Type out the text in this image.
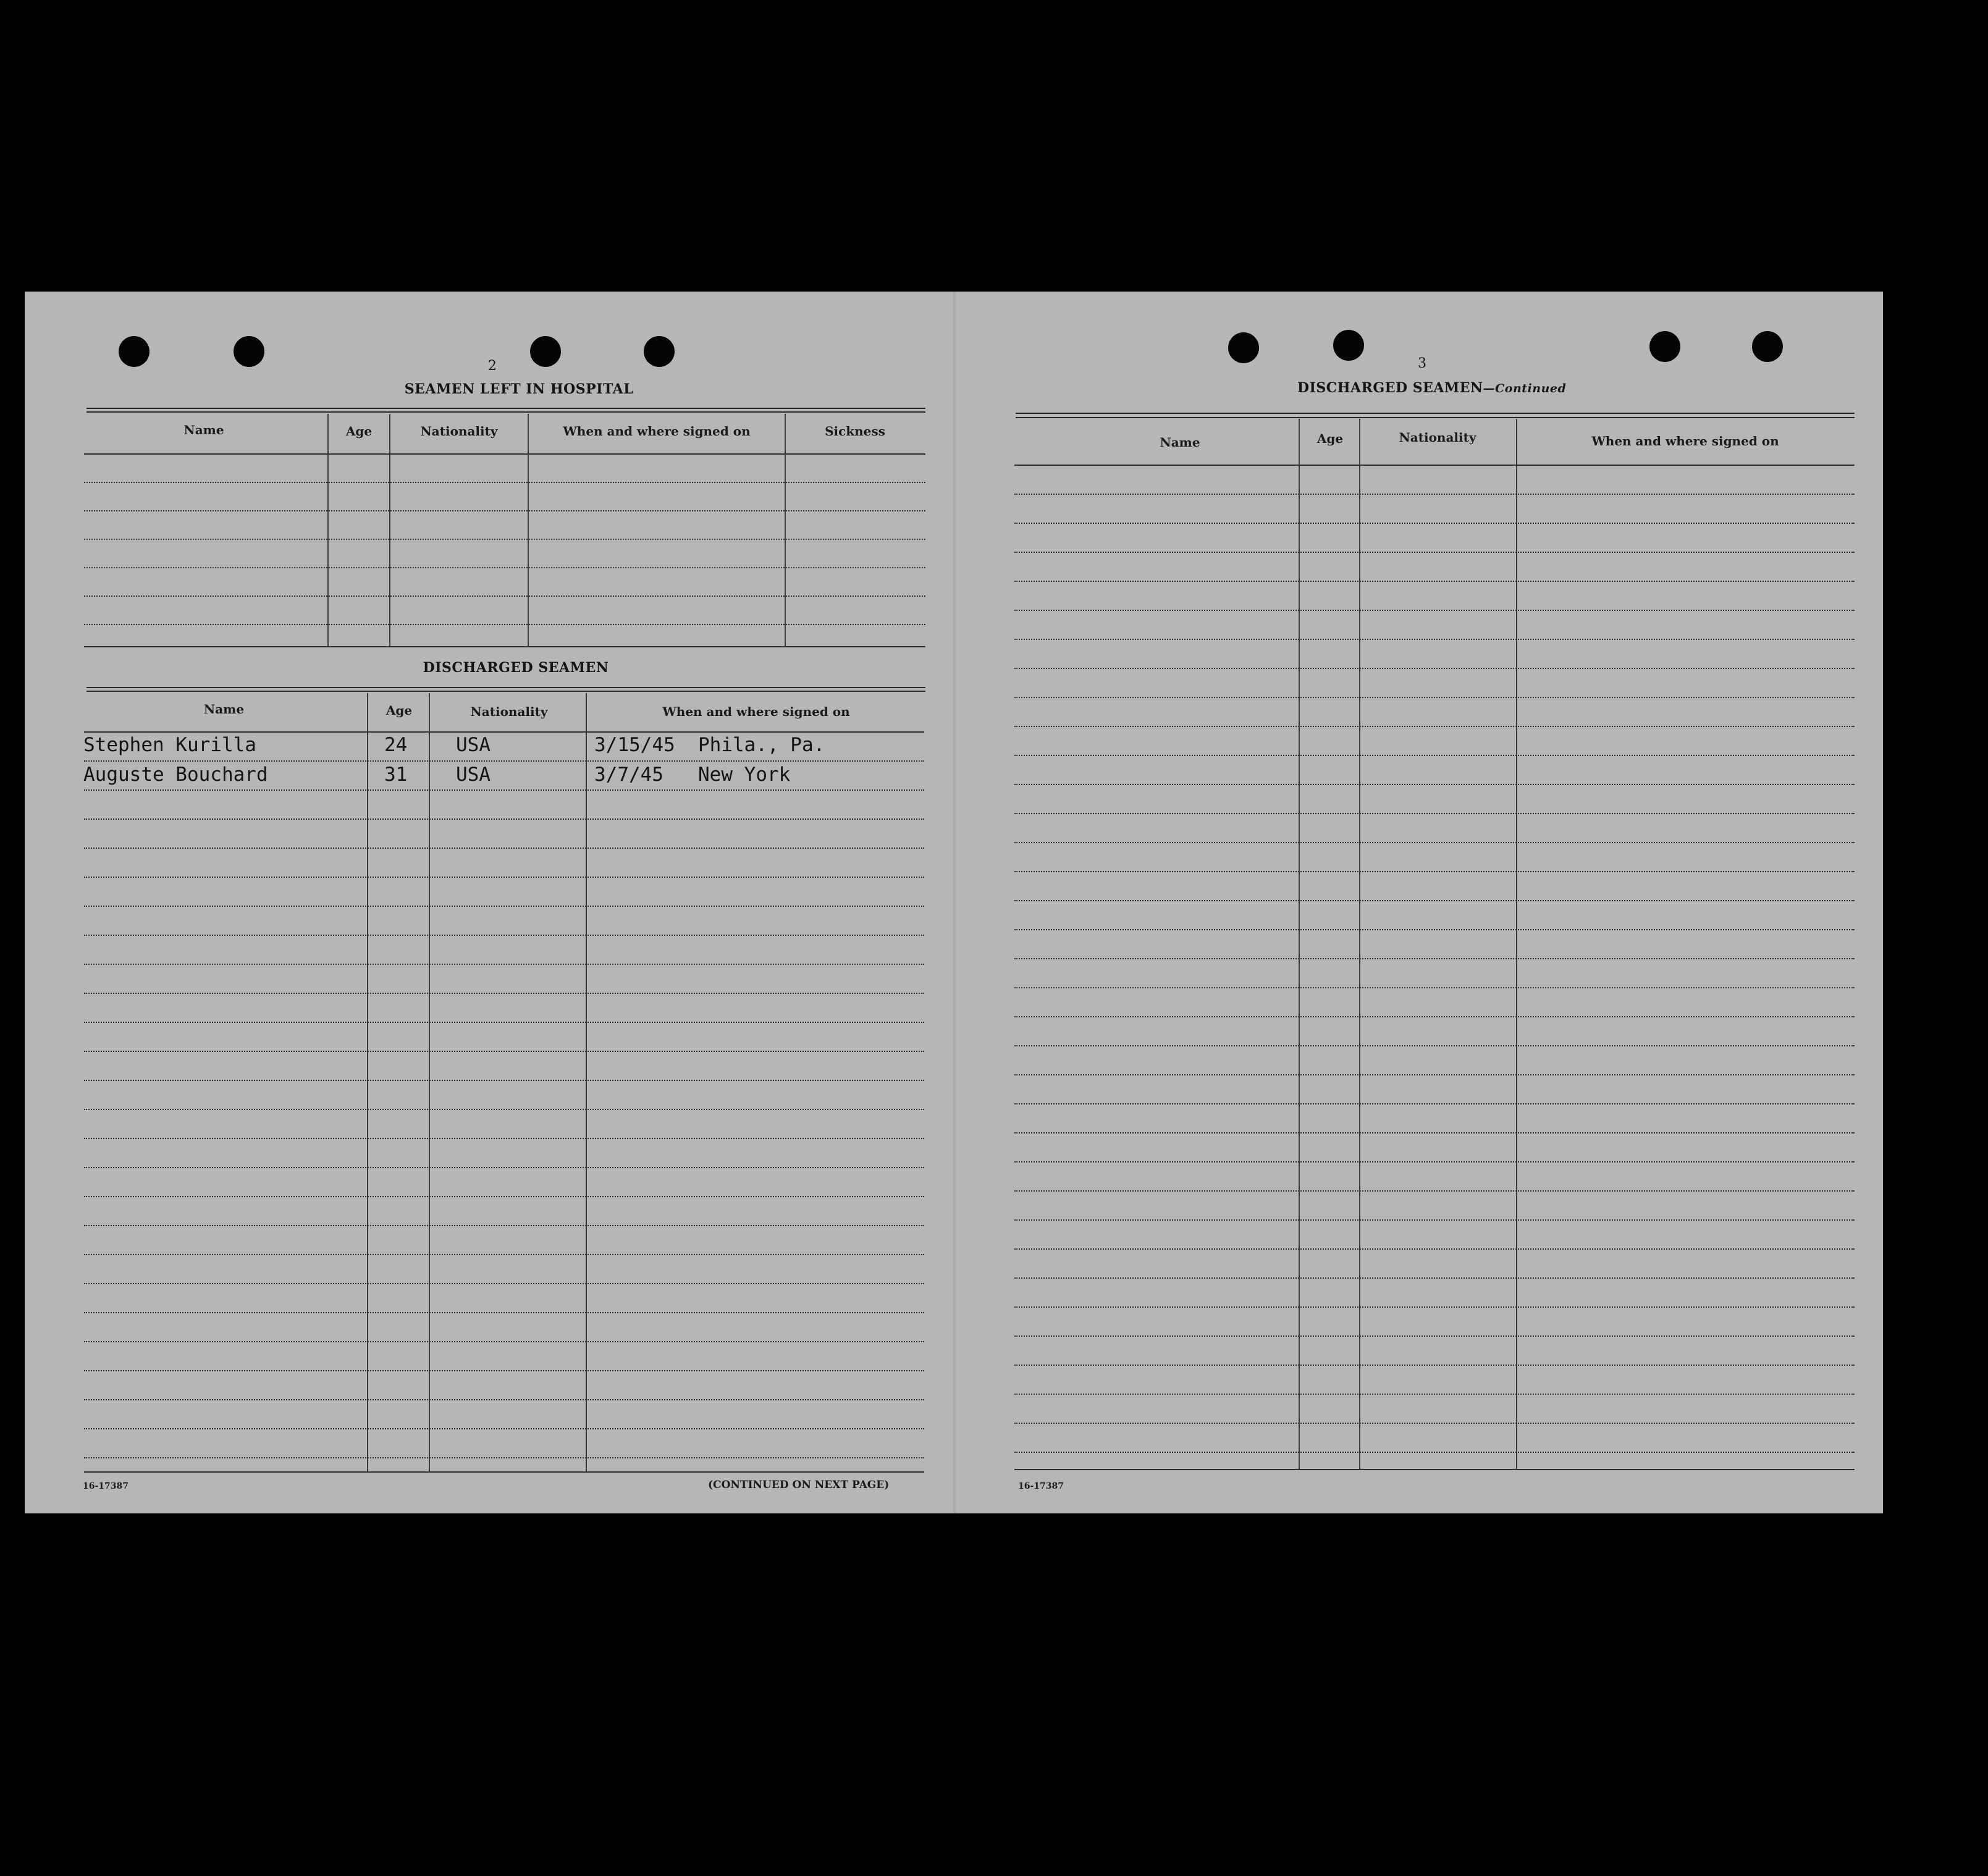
2
SEAMEN LEFT IN HOSPITAL
Name	Age	Nationality	When and where signed on	Sickness
DISCHARGED SEAMEN
Name	Age	Nationality	When and where signed on
Stephen Kurilla	24	USA	3/15/45 Phila., Pa.
Auguste Bouchard	31	USA	3/7/45 New York
16-17387	(CONTINUED ON NEXT PAGE)
3
DISCHARGED SEAMEN—Continued
Name	Age	Nationality	When and where signed on
16-17387
